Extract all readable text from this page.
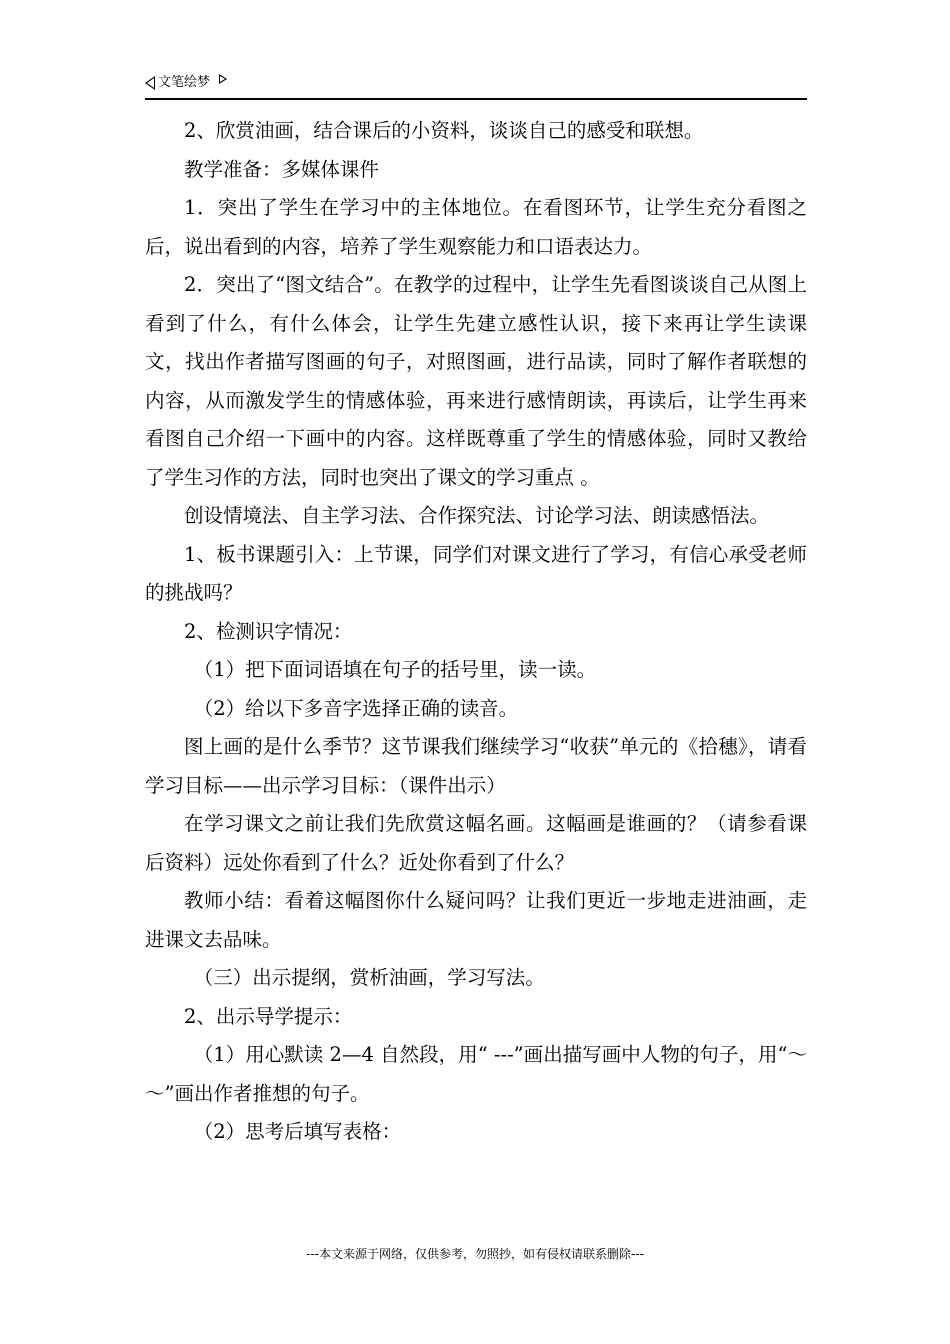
文笔绘梦

2、欣赏油画，结合课后的小资料，谈谈自己的感受和联想。

教学准备：多媒体课件

1．突出了学生在学习中的主体地位。在看图环节，让学生充分看图之后，说出看到的内容，培养了学生观察能力和口语表达力。

2．突出了“图文结合”。在教学的过程中，让学生先看图谈谈自己从图上看到了什么，有什么体会，让学生先建立感性认识，接下来再让学生读课文，找出作者描写图画的句子，对照图画，进行品读，同时了解作者联想的内容，从而激发学生的情感体验，再来进行感情朗读，再读后，让学生再来看图自己介绍一下画中的内容。这样既尊重了学生的情感体验，同时又教给了学生习作的方法，同时也突出了课文的学习重点 。

创设情境法、自主学习法、合作探究法、讨论学习法、朗读感悟法。

1、板书课题引入：上节课，同学们对课文进行了学习，有信心承受老师的挑战吗？

2、检测识字情况：

（1）把下面词语填在句子的括号里，读一读。

（2）给以下多音字选择正确的读音。

图上画的是什么季节？这节课我们继续学习“收获”单元的《拾穗》，请看学习目标——出示学习目标：（课件出示）

在学习课文之前让我们先欣赏这幅名画。这幅画是谁画的？（请参看课后资料）远处你看到了什么？近处你看到了什么？

教师小结：看着这幅图你什么疑问吗？让我们更近一步地走进油画，走进课文去品味。

（三）出示提纲，赏析油画，学习写法。

2、出示导学提示：

（1）用心默读 2—4 自然段，用“ ---”画出描写画中人物的句子，用“～～”画出作者推想的句子。

（2）思考后填写表格：

---本文来源于网络，仅供参考，勿照抄，如有侵权请联系删除---
